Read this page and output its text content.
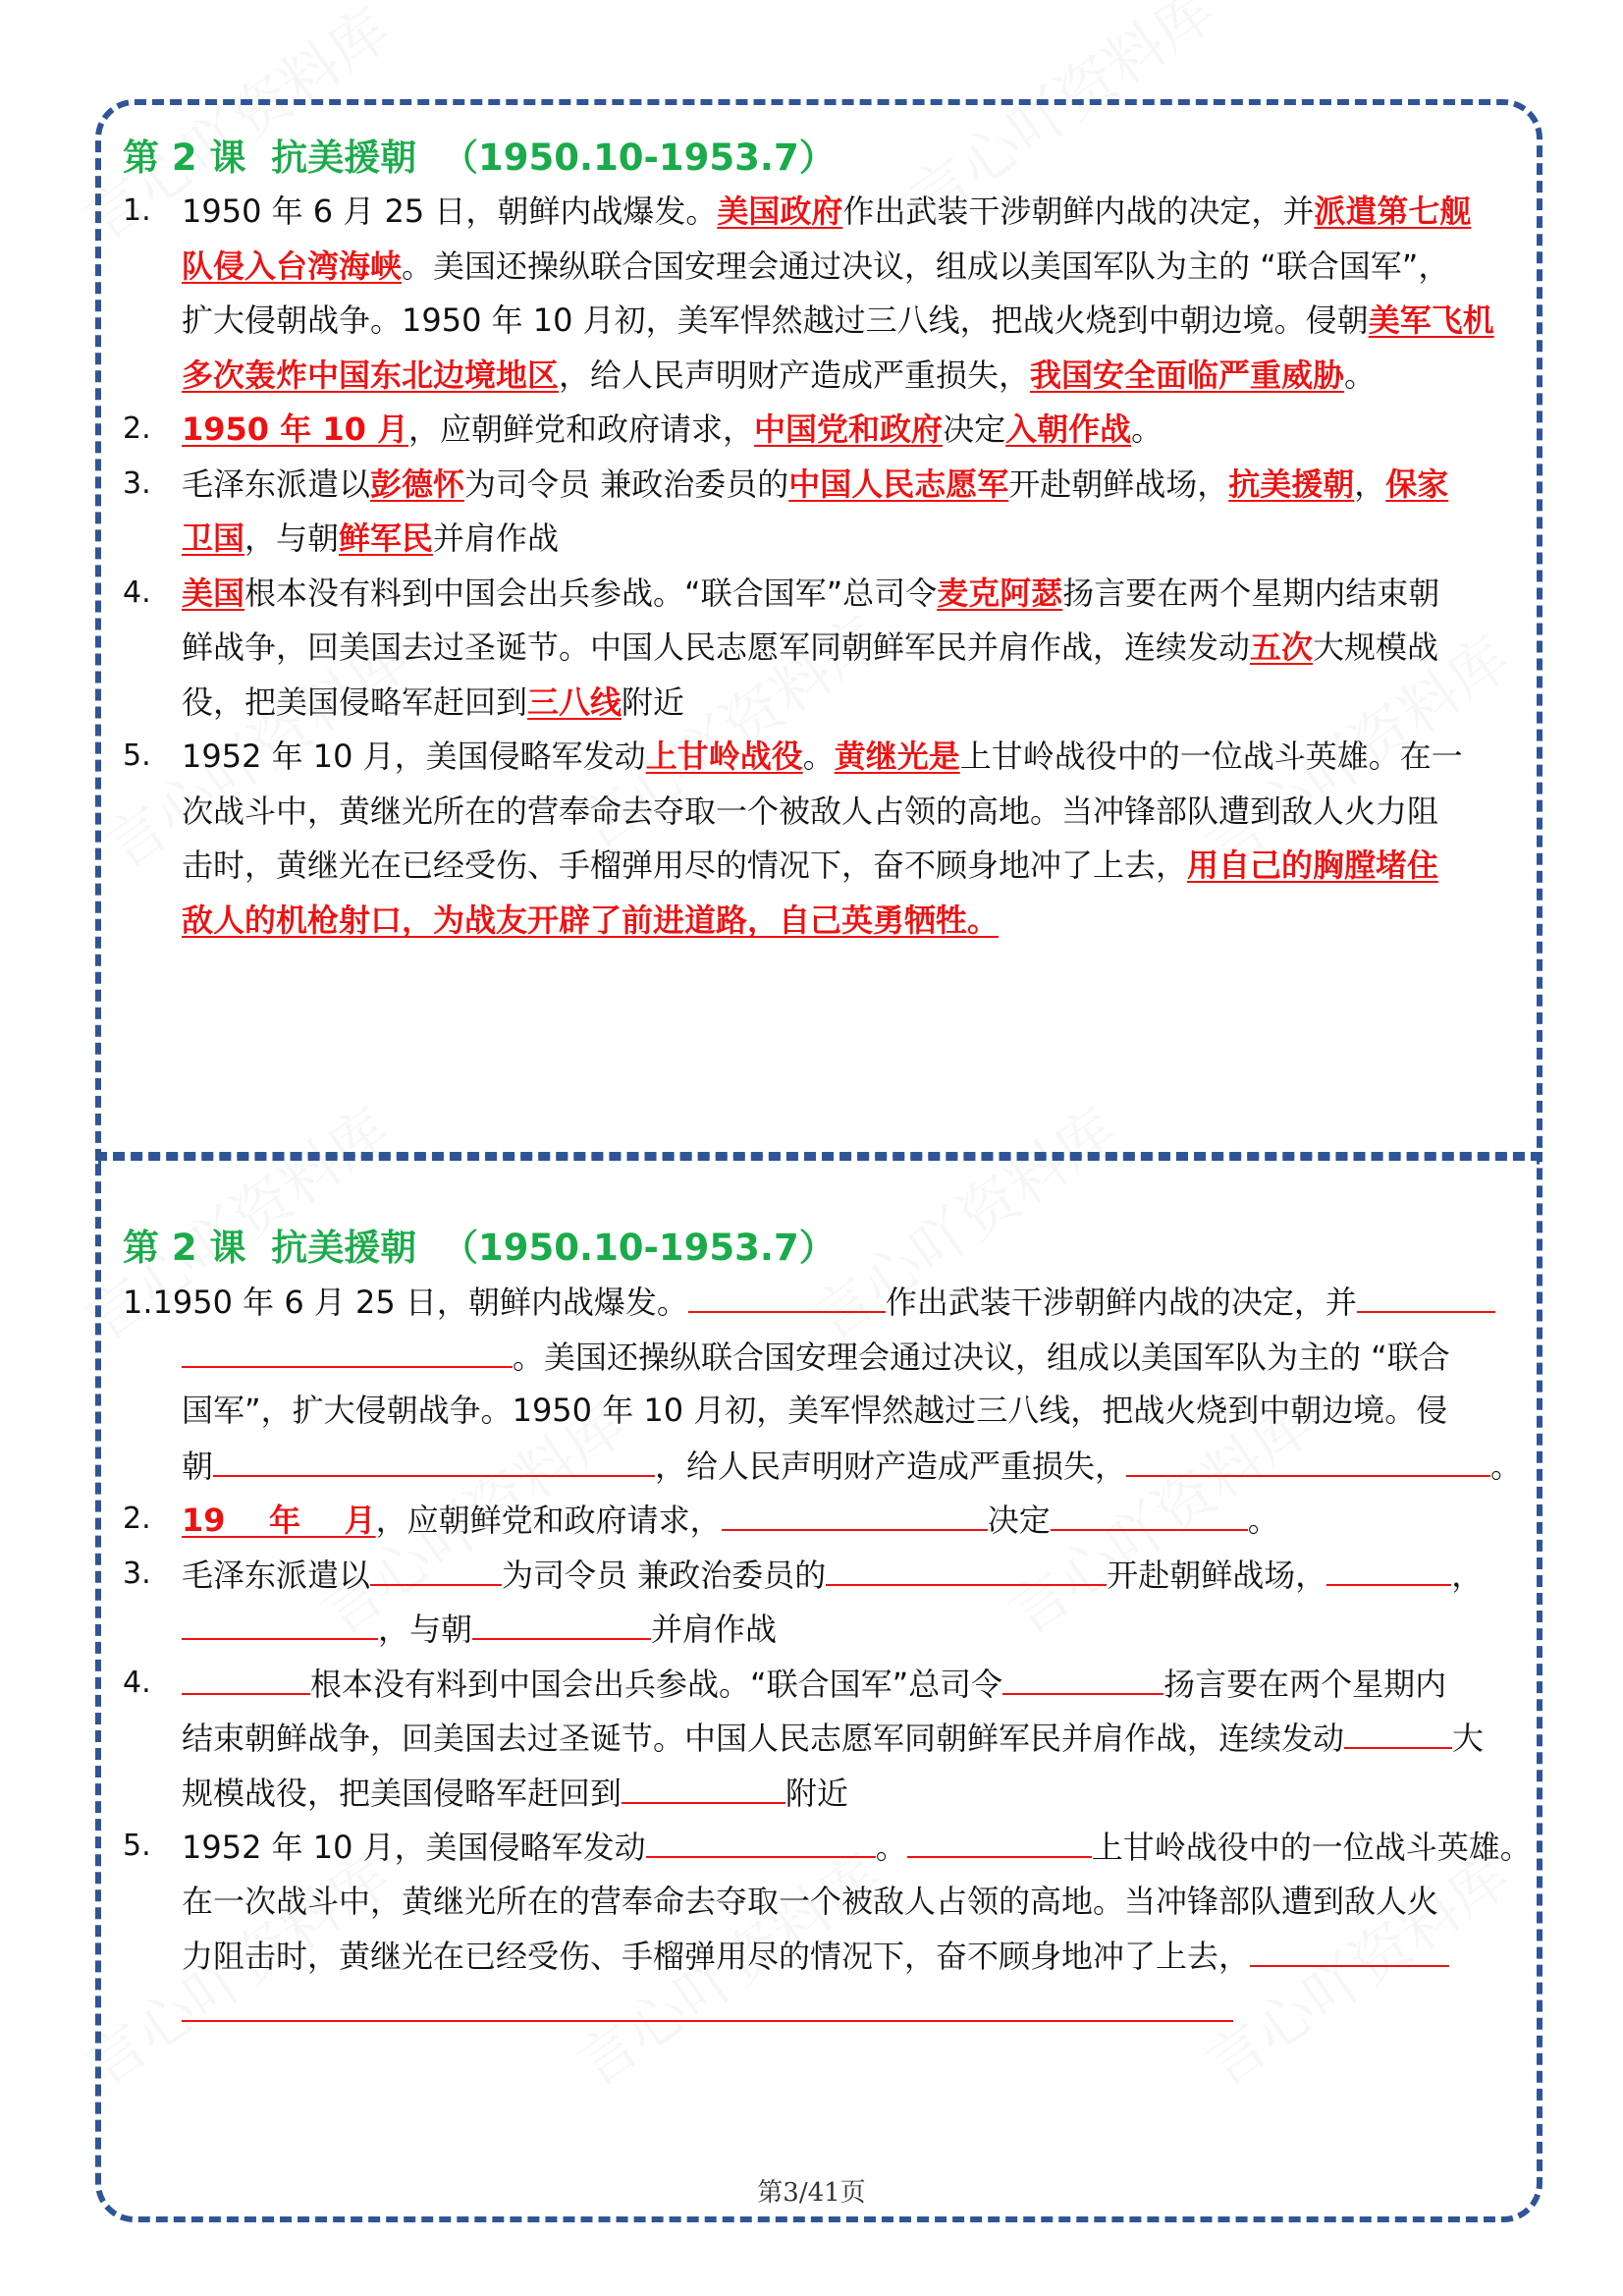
第 2 课  抗美援朝  （1950.10-1953.7）
第 2 课  抗美援朝  （1950.10-1953.7）
1. 1950 年 6 月 25 日，朝鲜内战爆发。美国政府作出武装干涉朝鲜内战的决定，并派遣第七舰
队侵入台湾海峡。美国还操纵联合国安理会通过决议，组成以美国军队为主的 “联合国军”，
扩大侵朝战争。1950 年 10 月初，美军悍然越过三八线，把战火烧到中朝边境。侵朝美军飞机
多次轰炸中国东北边境地区，给人民声明财产造成严重损失，我国安全面临严重威胁。
2. 1950 年 10 月，应朝鲜党和政府请求，中国党和政府决定入朝作战。
3. 毛泽东派遣以彭德怀为司令员 兼政治委员的中国人民志愿军开赴朝鲜战场，抗美援朝，保家
卫国，与朝鲜军民并肩作战
4. 美国根本没有料到中国会出兵参战。“联合国军”总司令麦克阿瑟扬言要在两个星期内结束朝
鲜战争，回美国去过圣诞节。中国人民志愿军同朝鲜军民并肩作战，连续发动五次大规模战
役，把美国侵略军赶回到三八线附近
5. 1952 年 10 月，美国侵略军发动上甘岭战役。黄继光是上甘岭战役中的一位战斗英雄。在一
次战斗中，黄继光所在的营奉命去夺取一个被敌人占领的高地。当冲锋部队遭到敌人火力阻
击时，黄继光在已经受伤、手榴弹用尽的情况下，奋不顾身地冲了上去，用自己的胸膛堵住
敌人的机枪射口，为战友开辟了前进道路，自己英勇牺牲。
1.1950 年 6 月 25 日，朝鲜内战爆发。	作出武装干涉朝鲜内战的决定，并
。美国还操纵联合国安理会通过决议，组成以美国军队为主的 “联合
国军”，扩大侵朝战争。1950 年 10 月初，美军悍然越过三八线，把战火烧到中朝边境。侵
朝	，给人民声明财产造成严重损失，	。
2. 19    年    月，应朝鲜党和政府请求，	决定	。
3. 毛泽东派遣以	为司令员 兼政治委员的	开赴朝鲜战场，	，
，与朝	并肩作战
4.	根本没有料到中国会出兵参战。“联合国军”总司令	扬言要在两个星期内
结束朝鲜战争，回美国去过圣诞节。中国人民志愿军同朝鲜军民并肩作战，连续发动	大
规模战役，把美国侵略军赶回到	附近
5. 1952 年 10 月，美国侵略军发动	。	上甘岭战役中的一位战斗英雄。
在一次战斗中，黄继光所在的营奉命去夺取一个被敌人占领的高地。当冲锋部队遭到敌人火
力阻击时，黄继光在已经受伤、手榴弹用尽的情况下，奋不顾身地冲了上去，
第3/41页
